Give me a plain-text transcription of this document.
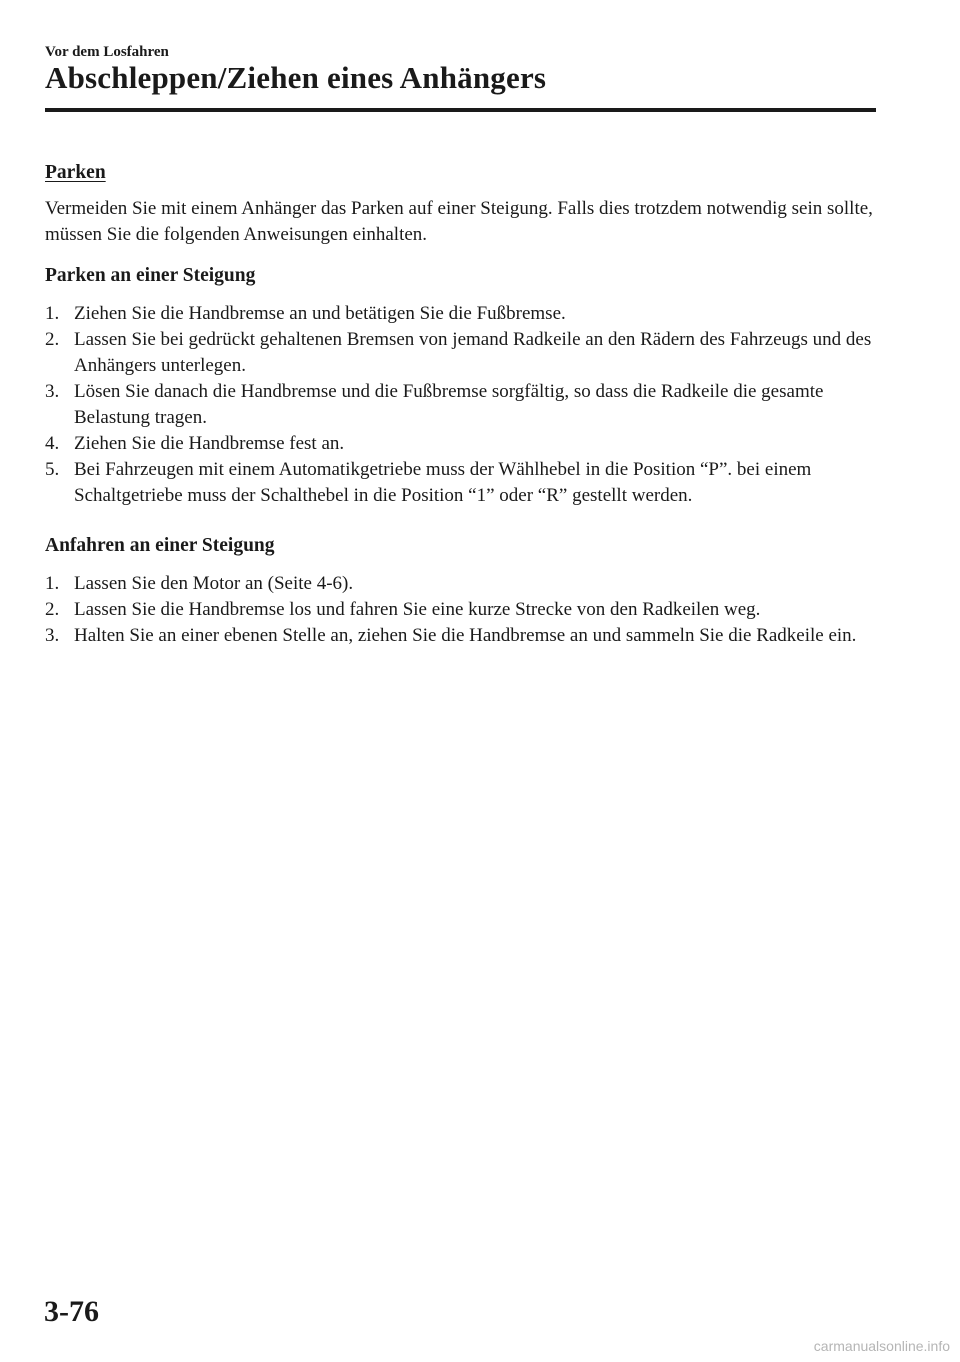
Vor dem Losfahren
Abschleppen/Ziehen eines Anhängers
Parken

Vermeiden Sie mit einem Anhänger das Parken auf einer Steigung. Falls dies trotzdem notwendig sein sollte, müssen Sie die folgenden Anweisungen einhalten.

Parken an einer Steigung
1. Ziehen Sie die Handbremse an und betätigen Sie die Fußbremse.
2. Lassen Sie bei gedrückt gehaltenen Bremsen von jemand Radkeile an den Rädern des Fahrzeugs und des Anhängers unterlegen.
3. Lösen Sie danach die Handbremse und die Fußbremse sorgfältig, so dass die Radkeile die gesamte Belastung tragen.
4. Ziehen Sie die Handbremse fest an.
5. Bei Fahrzeugen mit einem Automatikgetriebe muss der Wählhebel in die Position “P”. bei einem Schaltgetriebe muss der Schalthebel in die Position “1” oder “R” gestellt werden.
Anfahren an einer Steigung
1. Lassen Sie den Motor an (Seite 4-6).
2. Lassen Sie die Handbremse los und fahren Sie eine kurze Strecke von den Radkeilen weg.
3. Halten Sie an einer ebenen Stelle an, ziehen Sie die Handbremse an und sammeln Sie die Radkeile ein.
3-76
carmanualsonline.info
